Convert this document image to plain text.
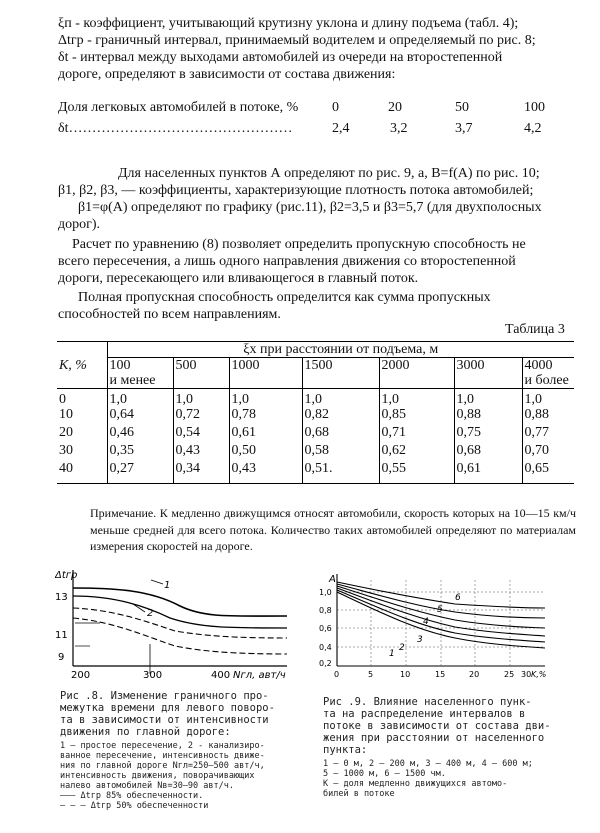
ξп - коэффициент, учитывающий крутизну уклона и длину подъема (табл. 4);
Δtгр - граничный интервал, принимаемый водителем и определяемый по рис. 8;
δt - интервал между выходами автомобилей из очереди на второстепенной
дороге, определяют в зависимости от состава движения:
Доля легковых автомобилей в потоке, % 0	20	50	100
δt…………………………………………	2,4	3,2	3,7	4,2
Для населенных пунктов А определяют по рис. 9, а, B=f(A) по рис. 10;
β1, β2, β3, — коэффициенты, характеризующие плотность потока автомобилей;
β1=φ(A) определяют по графику (рис.11), β2=3,5 и β3=5,7 (для двухполосных
дорог).
Расчет по уравнению (8) позволяет определить пропускную способность не
всего пересечения, а лишь одного направления движения со второстепенной
дороги, пересекающего или вливающегося в главный поток.
Полная пропускная способность определится как сумма пропускных
способностей по всем направлениям.
Таблица 3
К, %	ξх при расстоянии от подъема, м						
	100
и менее	500	1000	1500	2000	3000	4000
и более
0	1,0	1,0	1,0	1,0	1,0	1,0	1,0
10	0,64	0,72	0,78	0,82	0,85	0,88	0,88
20	0,46	0,54	0,61	0,68	0,71	0,75	0,77
30	0,35	0,43	0,50	0,58	0,62	0,68	0,70
40	0,27	0,34	0,43	0,51.	0,55	0,61	0,65
Примечание. К медленно движущимся относят автомобили, скорость которых на 10—15 км/ч меньше средней для всего потока. Количество таких автомобилей определяют по материалам измерения скоростей на дороге.
Δtгр
13
11
9
200	300	400 Nгл, авт/ч
1
2
Рис .8. Изменение граничного про-
межутка времени для левого поворо-
та в зависимости от интенсивности
движения по главной дороге:
1 — простое пересечение, 2 - канализиро-
ванное пересечение, интенсивность движе-
ния по главной дороге Nгл=250—500 авт/ч,
интенсивность движения, поворачивающих
налево автомобилей Nв=30—90 авт/ч.
——— Δtгр 85% обеспеченности.
— — — Δtгр 50% обеспеченности
A
1,0
0,8
0,6
0,4
0,2
0	5	10	15	20	25 30 K,%
1
2
3
4
5
6
Рис .9. Влияние населенного пунк-
та на распределение интервалов в
потоке в зависимости от состава дви-
жения при расстоянии от населенного
пункта:
1 — 0 м, 2 — 200 м, 3 — 400 м, 4 — 600 м;
5 — 1000 м, 6 — 1500 чм.
К — доля медленно движущихся автомо-
билей в потоке
